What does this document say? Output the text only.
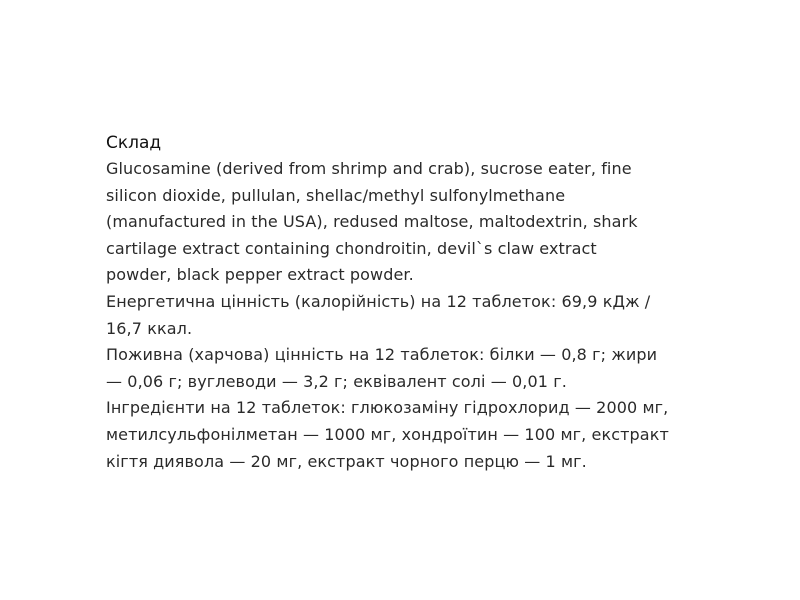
Склад

Glucosamine (derived from shrimp and crab), sucrose eater, fine
silicon dioxide, pullulan, shellac/methyl sulfonylmethane
(manufactured in the USA), redused maltose, maltodextrin, shark
cartilage extract containing chondroitin, devil`s claw extract
powder, black pepper extract powder.

Енергетична цінність (калорійність) на 12 таблеток: 69,9 кДж /
16,7 ккал.

Поживна (харчова) цінність на 12 таблеток: білки — 0,8 г; жири
— 0,06 г; вуглеводи — 3,2 г; еквівалент солі — 0,01 г.

Інгредієнти на 12 таблеток: глюкозаміну гідрохлорид — 2000 мг,
метилсульфонілметан — 1000 мг, хондроїтин — 100 мг, екстракт
кігтя диявола — 20 мг, екстракт чорного перцю — 1 мг.
